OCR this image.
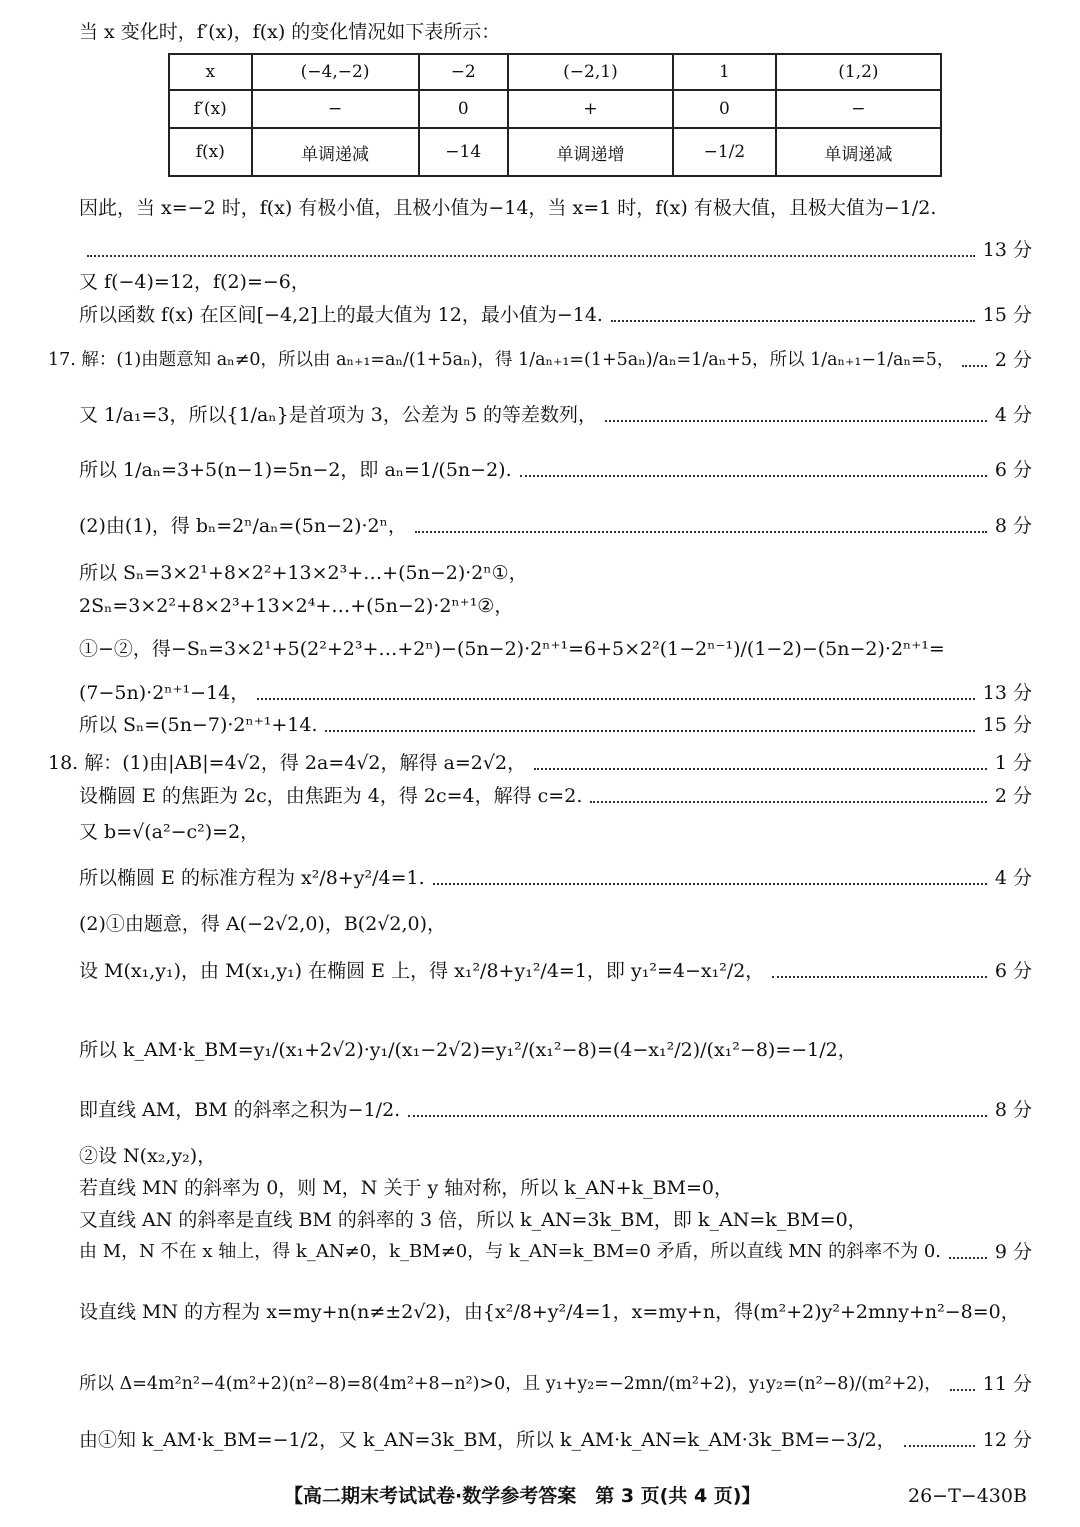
当 x 变化时，f′(x)，f(x) 的变化情况如下表所示：
x	(−4,−2)	−2	(−2,1)	1	(1,2)
f′(x)	−	0	+	0	−
f(x)	单调递减	−14	单调递增	−1/2	单调递减
因此，当 x=−2 时，f(x) 有极小值，且极小值为−14，当 x=1 时，f(x) 有极大值，且极大值为−1/2.
13 分
又 f(−4)=12，f(2)=−6，
所以函数 f(x) 在区间[−4,2]上的最大值为 12，最小值为−14.	15 分
17. 解：(1)由题意知 aₙ≠0，所以由 aₙ₊₁=aₙ/(1+5aₙ)，得 1/aₙ₊₁=(1+5aₙ)/aₙ=1/aₙ+5，所以 1/aₙ₊₁−1/aₙ=5， 2 分
又 1/a₁=3，所以{1/aₙ}是首项为 3，公差为 5 的等差数列，	4 分
所以 1/aₙ=3+5(n−1)=5n−2，即 aₙ=1/(5n−2).	6 分
(2)由(1)，得 bₙ=2ⁿ/aₙ=(5n−2)·2ⁿ，	8 分
所以 Sₙ=3×2¹+8×2²+13×2³+…+(5n−2)·2ⁿ①，
2Sₙ=3×2²+8×2³+13×2⁴+…+(5n−2)·2ⁿ⁺¹②，
①−②，得−Sₙ=3×2¹+5(2²+2³+…+2ⁿ)−(5n−2)·2ⁿ⁺¹=6+5×2²(1−2ⁿ⁻¹)/(1−2)−(5n−2)·2ⁿ⁺¹=
(7−5n)·2ⁿ⁺¹−14，	13 分
所以 Sₙ=(5n−7)·2ⁿ⁺¹+14.	15 分
18. 解：(1)由|AB|=4√2，得 2a=4√2，解得 a=2√2，	1 分
设椭圆 E 的焦距为 2c，由焦距为 4，得 2c=4，解得 c=2.	2 分
又 b=√(a²−c²)=2，
所以椭圆 E 的标准方程为 x²/8+y²/4=1.	4 分
(2)①由题意，得 A(−2√2,0)，B(2√2,0)，
设 M(x₁,y₁)，由 M(x₁,y₁) 在椭圆 E 上，得 x₁²/8+y₁²/4=1，即 y₁²=4−x₁²/2，	6 分
所以 k_AM·k_BM=y₁/(x₁+2√2)·y₁/(x₁−2√2)=y₁²/(x₁²−8)=(4−x₁²/2)/(x₁²−8)=−1/2，
即直线 AM，BM 的斜率之积为−1/2.	8 分
②设 N(x₂,y₂)，
若直线 MN 的斜率为 0，则 M，N 关于 y 轴对称，所以 k_AN+k_BM=0，
又直线 AN 的斜率是直线 BM 的斜率的 3 倍，所以 k_AN=3k_BM，即 k_AN=k_BM=0，
由 M，N 不在 x 轴上，得 k_AN≠0，k_BM≠0，与 k_AN=k_BM=0 矛盾，所以直线 MN 的斜率不为 0.	9 分
设直线 MN 的方程为 x=my+n(n≠±2√2)，由{x²/8+y²/4=1，x=my+n，得(m²+2)y²+2mny+n²−8=0，
所以 Δ=4m²n²−4(m²+2)(n²−8)=8(4m²+8−n²)>0，且 y₁+y₂=−2mn/(m²+2)，y₁y₂=(n²−8)/(m²+2)， 11 分
由①知 k_AM·k_BM=−1/2，又 k_AN=3k_BM，所以 k_AM·k_AN=k_AM·3k_BM=−3/2，	12 分
【高二期末考试试卷·数学参考答案　第 3 页(共 4 页)】	26−T−430B
